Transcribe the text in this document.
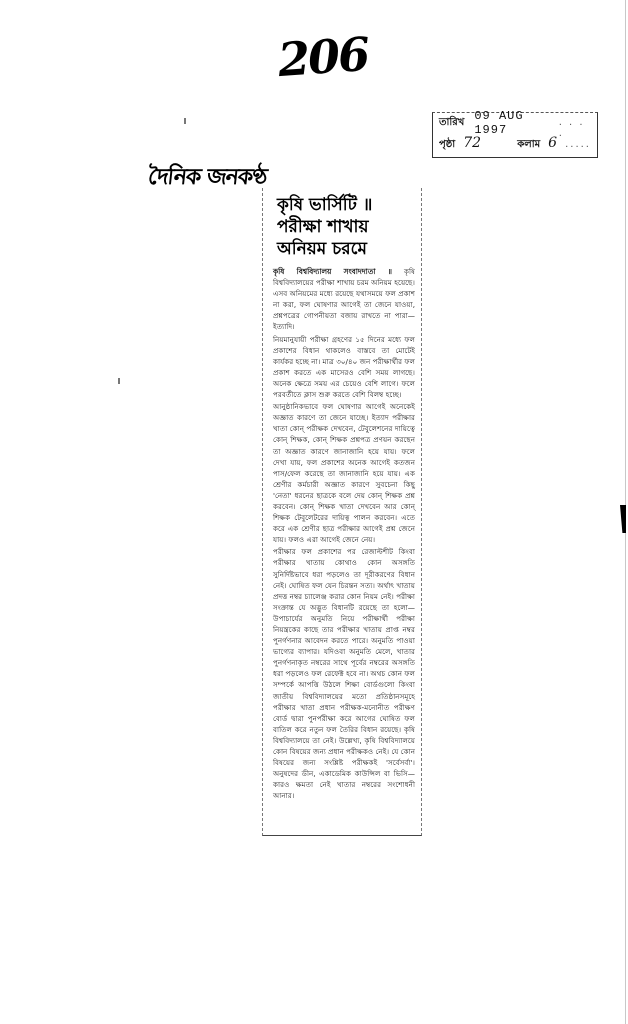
206
তারিখ 09 AUG 1997
. . . .
পৃষ্ঠা 72	কলাম 6 .....
দৈনিক জনকণ্ঠ
কৃষি ভার্সিটি ॥
পরীক্ষা শাখায়
অনিয়ম চরমে

কৃষি বিশ্ববিদ্যালয় সংবাদদাতা ॥ কৃষি বিশ্ববিদ্যালয়ের পরীক্ষা শাখায় চরম অনিয়ম হয়েছে। এসব অনিয়মের মধ্যে রয়েছে যথাসময়ে ফল প্রকাশ না করা, ফল ঘোষণার আগেই তা জেনে যাওয়া, প্রশ্নপত্রের গোপনীয়তা বজায় রাখতে না পারা— ইত্যাদি।

নিয়মানুযায়ী পরীক্ষা গ্রহণের ১৫ দিনের মধ্যে ফল প্রকাশের বিধান থাকলেও বাস্তবে তা মোটেই কার্যকর হচ্ছে না। মাত্র ৩০/৪০ জন পরীক্ষার্থীর ফল প্রকাশ করতে এক মাসেরও বেশি সময় লাগছে। অনেক ক্ষেত্রে সময় এর চেয়েও বেশি লাগে। ফলে পরবর্তীতে ক্লাস শুরু করতে বেশি বিলম্ব হচ্ছে।

আনুষ্ঠানিকভাবে ফল ঘোষণার আগেই অনেকেই অজ্ঞাত কারণে তা জেনে যাচ্ছে। ইত্যাদ পরীক্ষার খাতা কোন্ পরীক্ষক দেখবেন, টেবুলেশনের দায়িত্বে কোন্ শিক্ষক, কোন্ শিক্ষক প্রশ্নপত্র প্রণয়ন করছেন তা অজ্ঞাত কারণে জানাজানি হয়ে যায়। ফলে দেখা যায়, ফল প্রকাশের অনেক আগেই কতজন পাস/ফেল করেছে তা জানাজানি হয়ে যায়। এক শ্রেণীর কর্মচারী অজ্ঞাত কারণে সুবচেনা কিছু 'নেতা' ধরনের ছাত্রকে বলে দেয় কোন্ শিক্ষক প্রশ্ন করবেন। কোন্ শিক্ষক খাতা দেখবেন আর কোন্ শিক্ষক টেবুলেটরের দায়িত্ব পালন করবেন। এতে করে এক শ্রেণীর ছাত্র পরীক্ষার আগেই প্রশ্ন জেনে যায়। ফলও এরা আগেই জেনে নেয়।

পরীক্ষার ফল প্রকাশের পর রেজাল্টশীট কিংবা পরীক্ষার খাতায় কোথাও কোন অসঙ্গতি সুনির্দিষ্টভাবে ধরা পড়লেও তা দূরীকরণের বিধান নেই। ঘোষিত ফল যেন চিরন্তন সত্য। অর্থাৎ খাতায় প্রদত্ত নম্বর চ্যালেঞ্জ করার কোন নিয়ম নেই। পরীক্ষা সংক্রান্ত যে অদ্ভুত বিধানটি রয়েছে তা হলো— উপাচার্যের অনুমতি নিয়ে পরীক্ষার্থী পরীক্ষা নিয়ন্ত্রকের কাছে তার পরীক্ষার খাতায় প্রাপ্ত নম্বর পুনর্গণনার আবেদন করতে পারে। অনুমতি পাওয়া ভাগ্যের ব্যাপার। যদিওবা অনুমতি মেলে, খাতার পুনর্গণনাকৃত নম্বরের সাথে পূর্বের নম্বরের অসঙ্গতি ধরা পড়লেও ফল রেফেক্ট হবে না। অথচ কোন ফল সম্পর্কে আপত্তি উঠলে শিক্ষা বোর্ডগুলো কিংবা জাতীয় বিশ্ববিদ্যালয়ের মতো প্রতিষ্ঠানসমূহে পরীক্ষার খাতা প্রধান পরীক্ষক-মনোনীত পরীক্ষণ বোর্ড দ্বারা পুনর্পরীক্ষা করে আগের ঘোষিত ফল বাতিল করে নতুন ফল তৈরির বিধান রয়েছে। কৃষি বিশ্ববিদ্যালয়ে তা নেই। উল্লেখ্য, কৃষি বিশ্ববিদ্যালয়ে কোন বিষয়ের জন্য প্রধান পরীক্ষকও নেই। যে কোন বিষয়ের জন্য সংশ্লিষ্ট পরীক্ষকই 'সর্বেসর্বা'। অনুষদের ডীন, একাডেমিক কাউন্সিল বা ভিসি— কারও ক্ষমতা নেই খাতার নম্বরের সংশোধনী আনার।
